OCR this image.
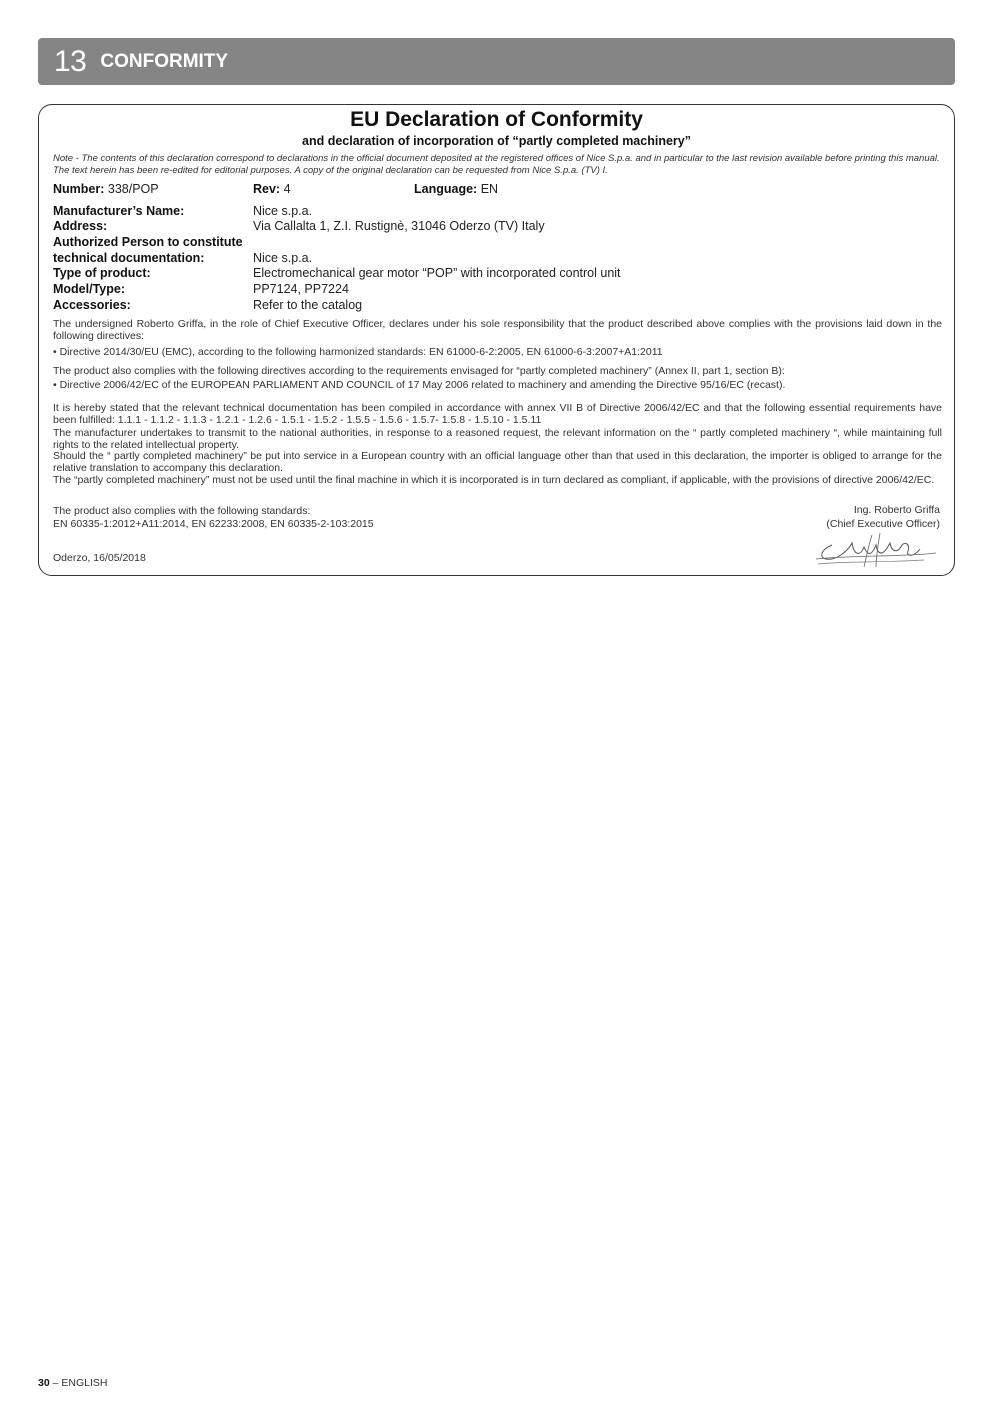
13 CONFORMITY
EU Declaration of Conformity
and declaration of incorporation of “partly completed machinery”
Note - The contents of this declaration correspond to declarations in the official document deposited at the registered offices of Nice S.p.a. and in particular to the last revision available before printing this manual. The text herein has been re-edited for editorial purposes. A copy of the original declaration can be requested from Nice S.p.a. (TV) I.
Number: 338/POP	Rev: 4	Language: EN
Manufacturer’s Name:	Nice s.p.a.
Address:	Via Callalta 1, Z.I. Rustignè, 31046 Oderzo (TV) Italy
Authorized Person to constitute
technical documentation:	Nice s.p.a.
Type of product:	Electromechanical gear motor “POP” with incorporated control unit
Model/Type:	PP7124, PP7224
Accessories:	Refer to the catalog
The undersigned Roberto Griffa, in the role of Chief Executive Officer, declares under his sole responsibility that the product described above complies with the provisions laid down in the following directives:
• Directive 2014/30/EU (EMC), according to the following harmonized standards: EN 61000-6-2:2005, EN 61000-6-3:2007+A1:2011
The product also complies with the following directives according to the requirements envisaged for “partly completed machinery” (Annex II, part 1, section B):
• Directive 2006/42/EC of the EUROPEAN PARLIAMENT AND COUNCIL of 17 May 2006 related to machinery and amending the Directive 95/16/EC (recast).
It is hereby stated that the relevant technical documentation has been compiled in accordance with annex VII B of Directive 2006/42/EC and that the following essential requirements have been fulfilled: 1.1.1 - 1.1.2 - 1.1.3 - 1.2.1 - 1.2.6 - 1.5.1 - 1.5.2 - 1.5.5 - 1.5.6 - 1.5.7- 1.5.8 - 1.5.10 - 1.5.11
The manufacturer undertakes to transmit to the national authorities, in response to a reasoned request, the relevant information on the “ partly completed machinery “, while maintaining full rights to the related intellectual property.
Should the “ partly completed machinery” be put into service in a European country with an official language other than that used in this declaration, the importer is obliged to arrange for the relative translation to accompany this declaration.
The “partly completed machinery” must not be used until the final machine in which it is incorporated is in turn declared as compliant, if applicable, with the provisions of directive 2006/42/EC.
The product also complies with the following standards:
EN 60335-1:2012+A11:2014, EN 62233:2008, EN 60335-2-103:2015
Ing. Roberto Griffa
(Chief Executive Officer)
Oderzo, 16/05/2018
30 – ENGLISH
